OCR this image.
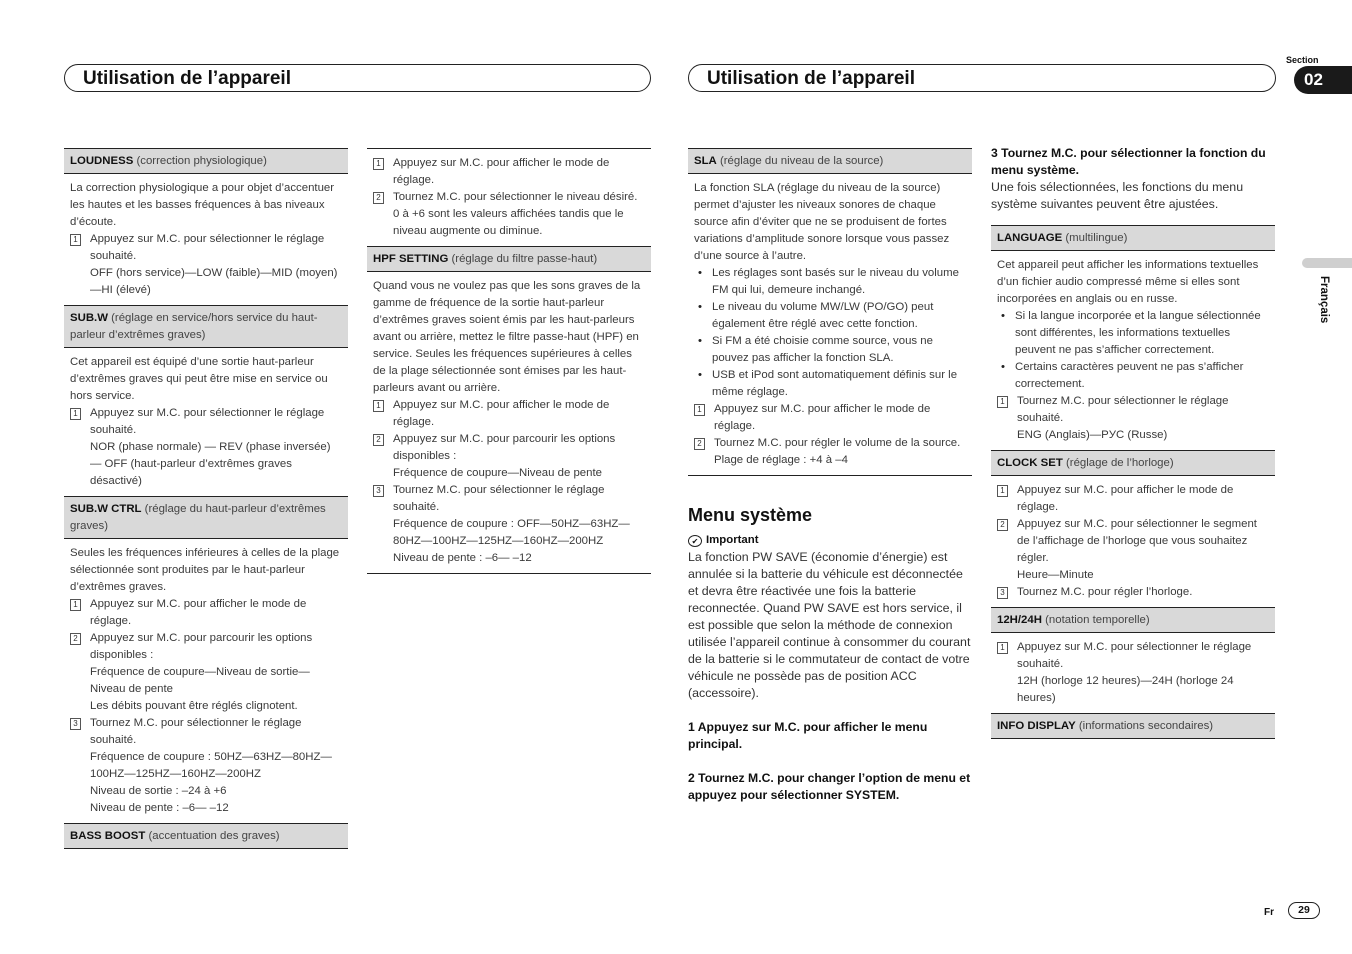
Utilisation de l’appareil	Utilisation de l’appareil
Section
02
Français
LOUDNESS (correction physiologique)

La correction physiologique a pour objet d’accentuer les hautes et les basses fréquences à bas niveaux d’écoute.

1 Appuyez sur M.C. pour sélectionner le réglage souhaité.
OFF (hors service)—LOW (faible)—MID (moyen)—HI (élevé)
SUB.W (réglage en service/hors service du haut-parleur d’extrêmes graves)

Cet appareil est équipé d’une sortie haut-parleur d’extrêmes graves qui peut être mise en service ou hors service.

1 Appuyez sur M.C. pour sélectionner le réglage souhaité.
NOR (phase normale) — REV (phase inversée) — OFF (haut-parleur d’extrêmes graves désactivé)
SUB.W CTRL (réglage du haut-parleur d’extrêmes graves)

Seules les fréquences inférieures à celles de la plage sélectionnée sont produites par le haut-parleur d’extrêmes graves.

1 Appuyez sur M.C. pour afficher le mode de réglage.
2 Appuyez sur M.C. pour parcourir les options disponibles :
Fréquence de coupure—Niveau de sortie—Niveau de pente
Les débits pouvant être réglés clignotent.
3 Tournez M.C. pour sélectionner le réglage souhaité.
Fréquence de coupure : 50HZ—63HZ—80HZ—100HZ—125HZ—160HZ—200HZ
Niveau de sortie : –24 à +6
Niveau de pente : –6— –12
BASS BOOST (accentuation des graves)
1 Appuyez sur M.C. pour afficher le mode de réglage.
2 Tournez M.C. pour sélectionner le niveau désiré.
0 à +6 sont les valeurs affichées tandis que le niveau augmente ou diminue.
HPF SETTING (réglage du filtre passe-haut)

Quand vous ne voulez pas que les sons graves de la gamme de fréquence de la sortie haut-parleur d’extrêmes graves soient émis par les haut-parleurs avant ou arrière, mettez le filtre passe-haut (HPF) en service. Seules les fréquences supérieures à celles de la plage sélectionnée sont émises par les haut-parleurs avant ou arrière.

1 Appuyez sur M.C. pour afficher le mode de réglage.
2 Appuyez sur M.C. pour parcourir les options disponibles :
Fréquence de coupure—Niveau de pente
3 Tournez M.C. pour sélectionner le réglage souhaité.
Fréquence de coupure : OFF—50HZ—63HZ—80HZ—100HZ—125HZ—160HZ—200HZ
Niveau de pente : –6— –12
SLA (réglage du niveau de la source)

La fonction SLA (réglage du niveau de la source) permet d’ajuster les niveaux sonores de chaque source afin d’éviter que ne se produisent de fortes variations d’amplitude sonore lorsque vous passez d’une source à l’autre.

• Les réglages sont basés sur le niveau du volume FM qui lui, demeure inchangé.
• Le niveau du volume MW/LW (PO/GO) peut également être réglé avec cette fonction.
• Si FM a été choisie comme source, vous ne pouvez pas afficher la fonction SLA.
• USB et iPod sont automatiquement définis sur le même réglage.
1 Appuyez sur M.C. pour afficher le mode de réglage.
2 Tournez M.C. pour régler le volume de la source.
Plage de réglage : +4 à –4
Menu système
✔ Important

La fonction PW SAVE (économie d’énergie) est annulée si la batterie du véhicule est déconnectée et devra être réactivée une fois la batterie reconnectée. Quand PW SAVE est hors service, il est possible que selon la méthode de connexion utilisée l’appareil continue à consommer du courant de la batterie si le commutateur de contact de votre véhicule ne possède pas de position ACC (accessoire).

1 Appuyez sur M.C. pour afficher le menu principal.

2 Tournez M.C. pour changer l’option de menu et appuyez pour sélectionner SYSTEM.

3 Tournez M.C. pour sélectionner la fonction du menu système.

Une fois sélectionnées, les fonctions du menu système suivantes peuvent être ajustées.

LANGUAGE (multilingue)

Cet appareil peut afficher les informations textuelles d’un fichier audio compressé même si elles sont incorporées en anglais ou en russe.

• Si la langue incorporée et la langue sélectionnée sont différentes, les informations textuelles peuvent ne pas s’afficher correctement.
• Certains caractères peuvent ne pas s’afficher correctement.
1 Tournez M.C. pour sélectionner le réglage souhaité.
ENG (Anglais)—PУC (Russe)
CLOCK SET (réglage de l’horloge)
1 Appuyez sur M.C. pour afficher le mode de réglage.
2 Appuyez sur M.C. pour sélectionner le segment de l’affichage de l’horloge que vous souhaitez régler.
Heure—Minute
3 Tournez M.C. pour régler l’horloge.
12H/24H (notation temporelle)
1 Appuyez sur M.C. pour sélectionner le réglage souhaité.
12H (horloge 12 heures)—24H (horloge 24 heures)
INFO DISPLAY (informations secondaires)
Fr	29
